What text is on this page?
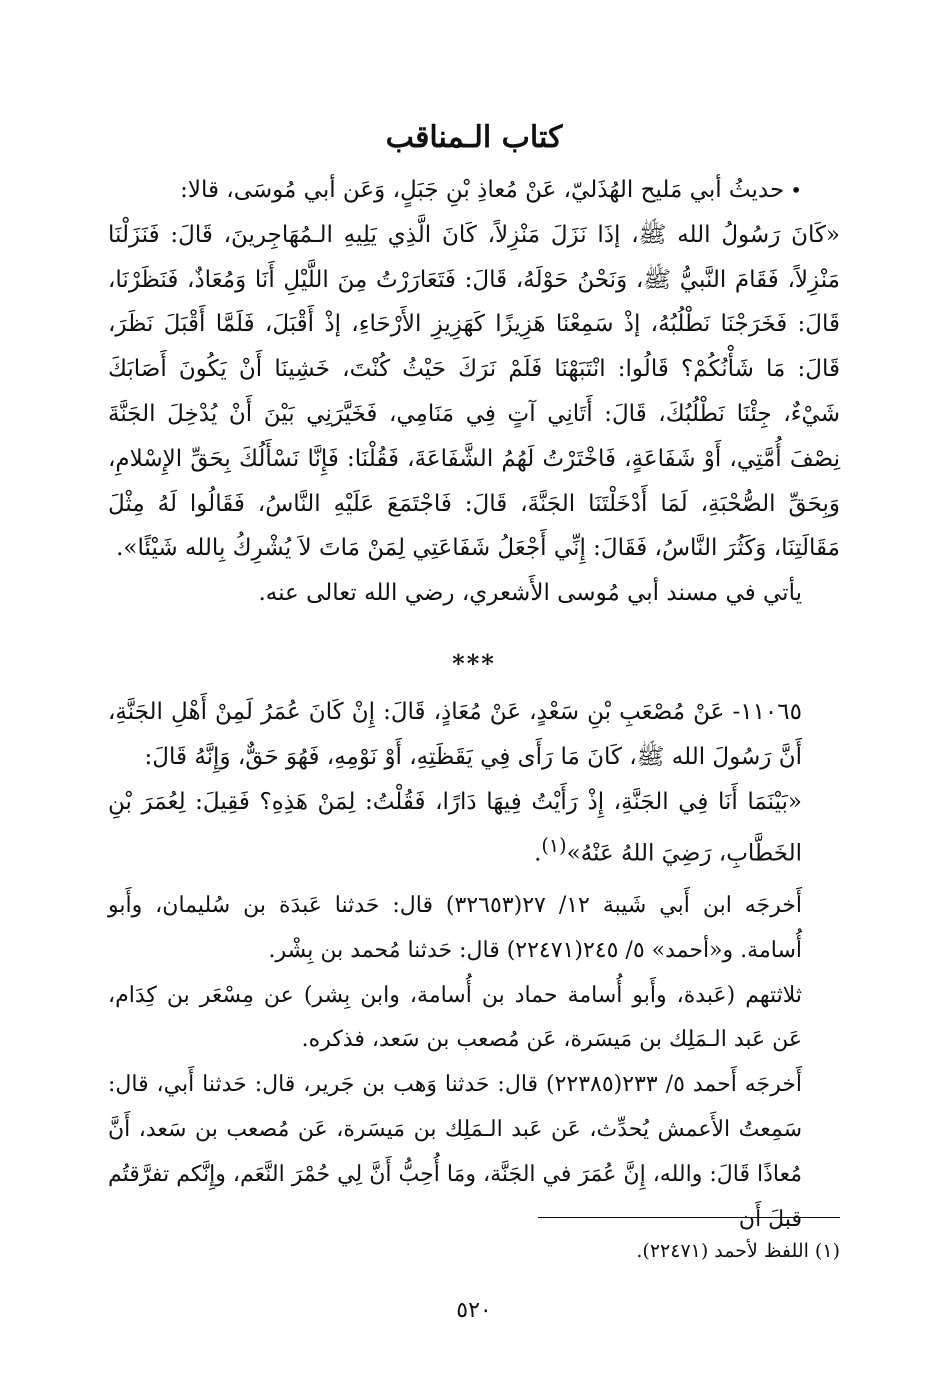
كتاب الـمناقب

•حديثُ أبي مَليح الهُذَليّ، عَنْ مُعاذِ بْنِ جَبَلٍ، وَعَن أبي مُوسَى، قالا:

«كَانَ رَسُولُ الله ﷺ، إذَا نَزَلَ مَنْزِلاً، كَانَ الَّذِي يَلِيهِ الـمُهَاجِرينَ، قَالَ: فَنَزَلْنَا مَنْزِلاً، فَقَامَ النَّبيُّ ﷺ، وَنَحْنُ حَوْلَهُ، قَالَ: فَتَعَارَرْتُ مِنَ اللَّيْلِ أَنَا وَمُعَاذٌ، فَنَظَرْنَا، قَالَ: فَخَرَجْنَا نَطْلُبُهُ، إذْ سَمِعْنَا هَزِيزًا كَهَزِيزِ الأَرْحَاءِ، إذْ أَقْبَلَ، فَلَمَّا أَقْبَلَ نَظَرَ، قَالَ: مَا شَأْنُكُمْ؟ قَالُوا: انْتَبَهْنَا فَلَمْ نَرَكَ حَيْثُ كُنْتَ، خَشِينَا أَنْ يَكُونَ أَصَابَكَ شَيْءٌ، جِئْنَا نَطْلُبُكَ، قَالَ: أَتَانِي آتٍ فِي مَنَامِي، فَخَيَّرَنِي بَيْنَ أَنْ يُدْخِلَ الجَنَّةَ نِصْفَ أُمَّتِي، أَوْ شَفَاعَةٍ، فَاخْتَرْتُ لَهُمُ الشَّفَاعَةَ، فَقُلْنَا: فَإِنَّا نَسْأَلُكَ بِحَقِّ الإِسْلامِ، وَبِحَقِّ الصُّحْبَةِ، لَمَا أَدْخَلْتَنَا الجَنَّةَ، قَالَ: فَاجْتَمَعَ عَلَيْهِ النَّاسُ، فَقَالُوا لَهُ مِثْلَ مَقَالَتِنَا، وَكَثُرَ النَّاسُ، فَقَالَ: إِنِّي أَجْعَلُ شَفَاعَتِي لِمَنْ مَاتَ لاَ يُشْرِكُ بِالله شَيْئًا».

يأتي في مسند أبي مُوسى الأَشعري، رضي الله تعالى عنه.

***

١١٠٦٥- عَنْ مُصْعَبِ بْنِ سَعْدٍ، عَنْ مُعَاذٍ، قَالَ: إِنْ كَانَ عُمَرُ لَمِنْ أَهْلِ الجَنَّةِ، أَنَّ رَسُولَ الله ﷺ، كَانَ مَا رَأَى فِي يَقَظَتِهِ، أَوْ نَوْمِهِ، فَهُوَ حَقٌّ، وَإِنَّهُ قَالَ:

«بَيْنَمَا أَنَا فِي الجَنَّةِ، إِذْ رَأَيْتُ فِيهَا دَارًا، فَقُلْتُ: لِمَنْ هَذِهِ؟ فَقِيلَ: لِعُمَرَ بْنِ الخَطَّابِ، رَضِيَ اللهُ عَنْهُ»$^{(١)}$.

أَخرجَه ابن أَبي شَيبة ١٢/ ٢٧(٣٢٦٥٣) قال: حَدثنا عَبدَة بن سُليمان، وأَبو أُسامة. و«أحمد» ٥/ ٢٤٥(٢٢٤٧١) قال: حَدثنا مُحمد بن بِشْر.

ثلاثتهم (عَبدة، وأَبو أُسامة حماد بن أُسامة، وابن بِشر) عن مِسْعَر بن كِدَام، عَن عَبد الـمَلِك بن مَيسَرة، عَن مُصعب بن سَعد، فذكره.

أَخرجَه أَحمد ٥/ ٢٣٣(٢٢٣٨٥) قال: حَدثنا وَهب بن جَرير، قال: حَدثنا أَبي، قال: سَمِعتُ الأَعمش يُحدِّث، عَن عَبد الـمَلِك بن مَيسَرة، عَن مُصعب بن سَعد، أَنَّ مُعاذًا قَالَ: والله، إِنَّ عُمَرَ في الجَنَّة، ومَا أُحِبُّ أَنَّ لِي حُمْرَ النَّعَم، وإِنَّكم تفرَّقتُم قبلَ أَن

(١) اللفظ لأحمد (٢٢٤٧١).
٥٢٠
